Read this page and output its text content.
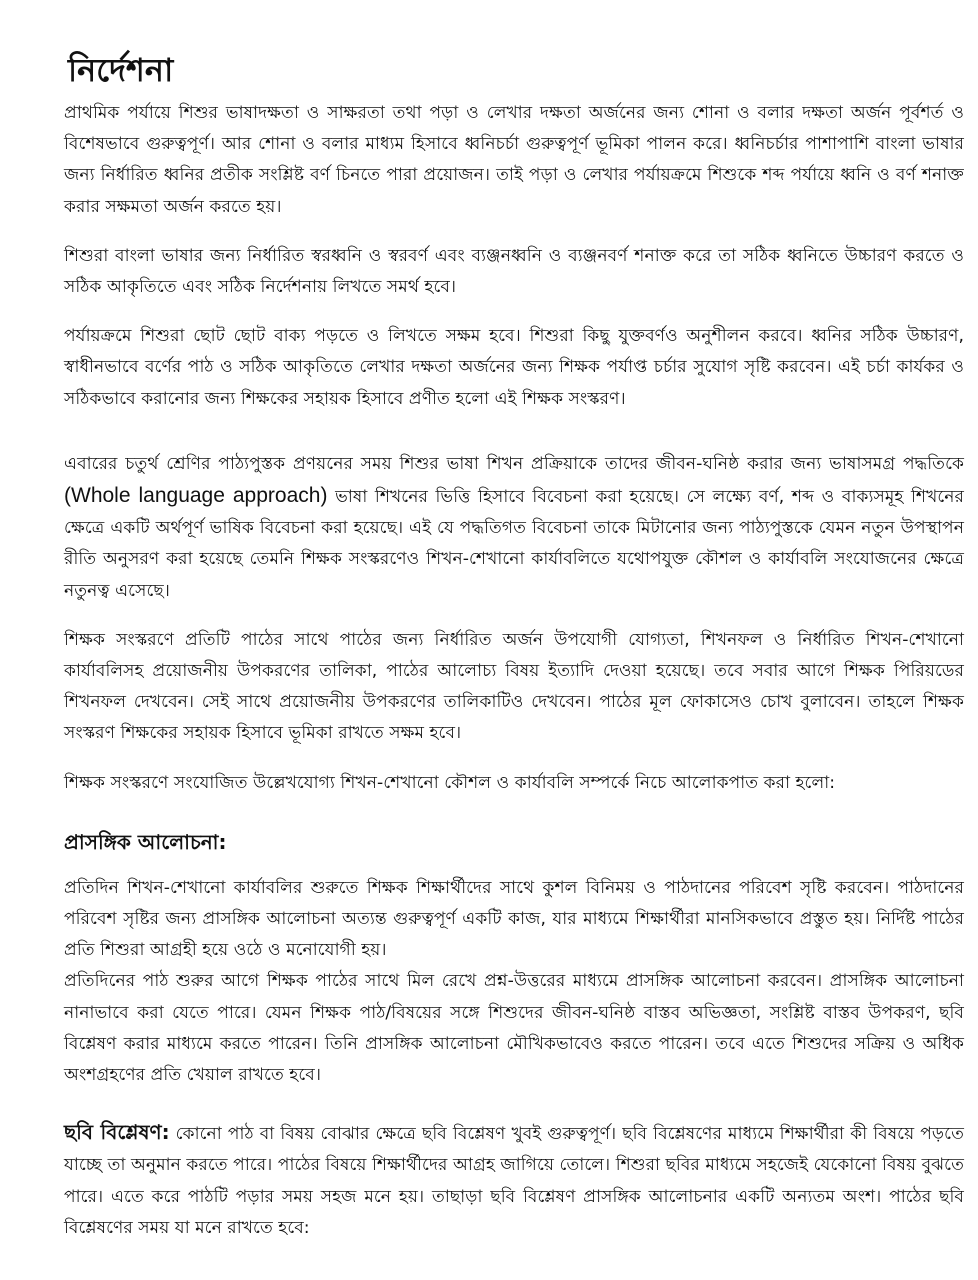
নির্দেশনা

প্রাথমিক পর্যায়ে শিশুর ভাষাদক্ষতা ও সাক্ষরতা তথা পড়া ও লেখার দক্ষতা অর্জনের জন্য শোনা ও বলার দক্ষতা অর্জন পূর্বশর্ত ও বিশেষভাবে গুরুত্বপূর্ণ। আর শোনা ও বলার মাধ্যম হিসাবে ধ্বনিচর্চা গুরুত্বপূর্ণ ভূমিকা পালন করে। ধ্বনিচর্চার পাশাপাশি বাংলা ভাষার জন্য নির্ধারিত ধ্বনির প্রতীক সংশ্লিষ্ট বর্ণ চিনতে পারা প্রয়োজন। তাই পড়া ও লেখার পর্যায়ক্রমে শিশুকে শব্দ পর্যায়ে ধ্বনি ও বর্ণ শনাক্ত করার সক্ষমতা অর্জন করতে হয়।

শিশুরা বাংলা ভাষার জন্য নির্ধারিত স্বরধ্বনি ও স্বরবর্ণ এবং ব্যঞ্জনধ্বনি ও ব্যঞ্জনবর্ণ শনাক্ত করে তা সঠিক ধ্বনিতে উচ্চারণ করতে ও সঠিক আকৃতিতে এবং সঠিক নির্দেশনায় লিখতে সমর্থ হবে।

পর্যায়ক্রমে শিশুরা ছোট ছোট বাক্য পড়তে ও লিখতে সক্ষম হবে। শিশুরা কিছু যুক্তবর্ণও অনুশীলন করবে। ধ্বনির সঠিক উচ্চারণ, স্বাধীনভাবে বর্ণের পাঠ ও সঠিক আকৃতিতে লেখার দক্ষতা অর্জনের জন্য শিক্ষক পর্যাপ্ত চর্চার সুযোগ সৃষ্টি করবেন। এই চর্চা কার্যকর ও সঠিকভাবে করানোর জন্য শিক্ষকের সহায়ক হিসাবে প্রণীত হলো এই শিক্ষক সংস্করণ।

এবারের চতুর্থ শ্রেণির পাঠ্যপুস্তক প্রণয়নের সময় শিশুর ভাষা শিখন প্রক্রিয়াকে তাদের জীবন-ঘনিষ্ঠ করার জন্য ভাষাসমগ্র পদ্ধতিকে (Whole language approach) ভাষা শিখনের ভিত্তি হিসাবে বিবেচনা করা হয়েছে। সে লক্ষ্যে বর্ণ, শব্দ ও বাক্যসমূহ শিখনের ক্ষেত্রে একটি অর্থপূর্ণ ভাষিক বিবেচনা করা হয়েছে। এই যে পদ্ধতিগত বিবেচনা তাকে মিটানোর জন্য পাঠ্যপুস্তকে যেমন নতুন উপস্থাপন রীতি অনুসরণ করা হয়েছে তেমনি শিক্ষক সংস্করণেও শিখন-শেখানো কার্যাবলিতে যথোপযুক্ত কৌশল ও কার্যাবলি সংযোজনের ক্ষেত্রে নতুনত্ব এসেছে।

শিক্ষক সংস্করণে প্রতিটি পাঠের সাথে পাঠের জন্য নির্ধারিত অর্জন উপযোগী যোগ্যতা, শিখনফল ও নির্ধারিত শিখন-শেখানো কার্যাবলিসহ প্রয়োজনীয় উপকরণের তালিকা, পাঠের আলোচ্য বিষয় ইত্যাদি দেওয়া হয়েছে। তবে সবার আগে শিক্ষক পিরিয়ডের শিখনফল দেখবেন। সেই সাথে প্রয়োজনীয় উপকরণের তালিকাটিও দেখবেন। পাঠের মূল ফোকাসেও চোখ বুলাবেন। তাহলে শিক্ষক সংস্করণ শিক্ষকের সহায়ক হিসাবে ভূমিকা রাখতে সক্ষম হবে।

শিক্ষক সংস্করণে সংযোজিত উল্লেখযোগ্য শিখন-শেখানো কৌশল ও কার্যাবলি সম্পর্কে নিচে আলোকপাত করা হলো:

প্রাসঙ্গিক আলোচনা:

প্রতিদিন শিখন-শেখানো কার্যাবলির শুরুতে শিক্ষক শিক্ষার্থীদের সাথে কুশল বিনিময় ও পাঠদানের পরিবেশ সৃষ্টি করবেন। পাঠদানের পরিবেশ সৃষ্টির জন্য প্রাসঙ্গিক আলোচনা অত্যন্ত গুরুত্বপূর্ণ একটি কাজ, যার মাধ্যমে শিক্ষার্থীরা মানসিকভাবে প্রস্তুত হয়। নির্দিষ্ট পাঠের প্রতি শিশুরা আগ্রহী হয়ে ওঠে ও মনোযোগী হয়।

প্রতিদিনের পাঠ শুরুর আগে শিক্ষক পাঠের সাথে মিল রেখে প্রশ্ন-উত্তরের মাধ্যমে প্রাসঙ্গিক আলোচনা করবেন। প্রাসঙ্গিক আলোচনা নানাভাবে করা যেতে পারে। যেমন শিক্ষক পাঠ/বিষয়ের সঙ্গে শিশুদের জীবন-ঘনিষ্ঠ বাস্তব অভিজ্ঞতা, সংশ্লিষ্ট বাস্তব উপকরণ, ছবি বিশ্লেষণ করার মাধ্যমে করতে পারেন। তিনি প্রাসঙ্গিক আলোচনা মৌখিকভাবেও করতে পারেন। তবে এতে শিশুদের সক্রিয় ও অধিক অংশগ্রহণের প্রতি খেয়াল রাখতে হবে।

ছবি বিশ্লেষণ: কোনো পাঠ বা বিষয় বোঝার ক্ষেত্রে ছবি বিশ্লেষণ খুবই গুরুত্বপূর্ণ। ছবি বিশ্লেষণের মাধ্যমে শিক্ষার্থীরা কী বিষয়ে পড়তে যাচ্ছে তা অনুমান করতে পারে। পাঠের বিষয়ে শিক্ষার্থীদের আগ্রহ জাগিয়ে তোলে। শিশুরা ছবির মাধ্যমে সহজেই যেকোনো বিষয় বুঝতে পারে। এতে করে পাঠটি পড়ার সময় সহজ মনে হয়। তাছাড়া ছবি বিশ্লেষণ প্রাসঙ্গিক আলোচনার একটি অন্যতম অংশ। পাঠের ছবি বিশ্লেষণের সময় যা মনে রাখতে হবে:
